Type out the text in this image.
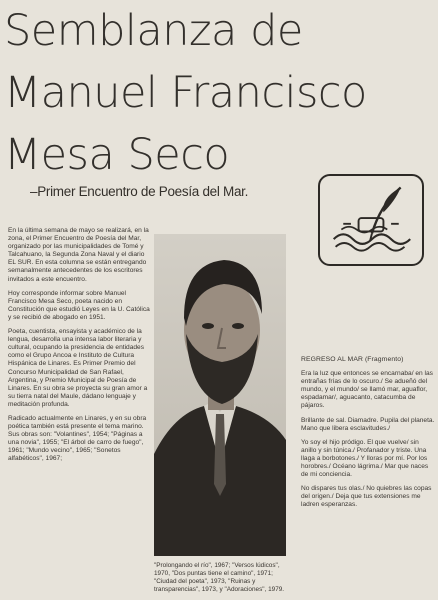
Semblanza de
Manuel Francisco
Mesa Seco
–Primer Encuentro de Poesía del Mar.

En la última semana de mayo se realizará, en la zona, el Primer Encuentro de Poesía del Mar, organizado por las municipalidades de Tomé y Talcahuano, la Segunda Zona Naval y el diario EL SUR. En esta columna se están entregando semanalmente antecedentes de los escritores invitados a este encuentro.

Hoy corresponde informar sobre Manuel Francisco Mesa Seco, poeta nacido en Constitución que estudió Leyes en la U. Católica y se recibió de abogado en 1951.

Poeta, cuentista, ensayista y académico de la lengua, desarrolla una intensa labor literaria y cultural, ocupando la presidencia de entidades como el Grupo Ancoa e Instituto de Cultura Hispánica de Linares. Es Primer Premio del Concurso Municipalidad de San Rafael, Argentina, y Premio Municipal de Poesía de Linares. En su obra se proyecta su gran amor a su tierra natal del Maule, dádano lenguaje y meditación profunda.

Radicado actualmente en Linares, y en su obra poética también está presente el tema marino. Sus obras son: "Volantines", 1954; "Páginas a una novia", 1955; "El árbol de carro de fuego", 1961; "Mundo vecino", 1965; "Sonetos alfabéticos", 1967;

"Prolongando el río", 1967; "Versos lúdicos", 1970, "Dos puntas tiene el camino", 1971; "Ciudad del poeta", 1973, "Ruinas y transparencias", 1973, y "Adoraciones", 1979.

REGRESO AL MAR (Fragmento)

Era la luz que entonces se encarnaba/ en las entrañas frías de lo oscuro./ Se adueñó del mundo, y el mundo/ se llamó mar, aguaflor, espadamar/, aguacanto, catacumba de pájaros.

Brillante de sal. Diamadre. Pupila del planeta. Mano que libera esclavitudes./

Yo soy el hijo pródigo. El que vuelve/ sin anillo y sin túnica./ Profanador y triste. Una llaga a borbotones./ Y lloras por mí. Por los horobres./ Océano lágrima./ Mar que naces de mi conciencia.

No dispares tus olas./ No quiebres las copas del origen./ Deja que tus extensiones me ladren esperanzas.
